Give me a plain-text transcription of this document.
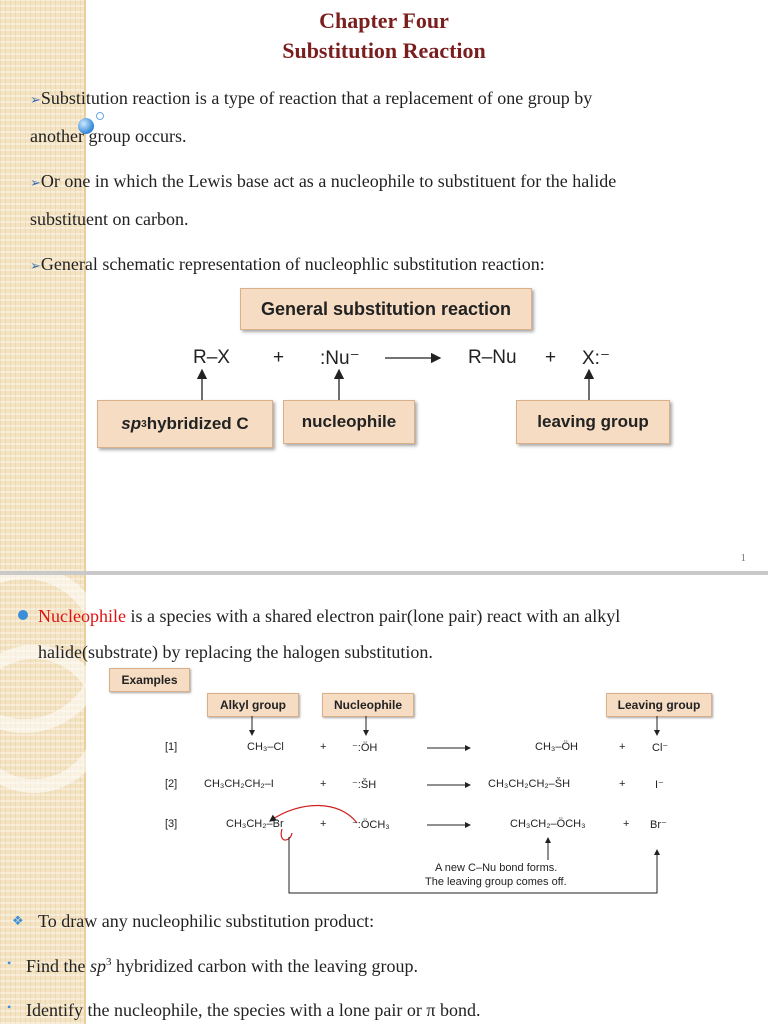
Chapter Four
Substitution Reaction
➢Substitution reaction is a type of reaction that a replacement of one group by
another group occurs.
➢Or one in which the Lewis base act as a nucleophile to substituent for the halide
substituent on carbon.
➢General schematic representation of nucleophlic substitution reaction:
General substitution reaction
R–X + :Nu⁻	R–Nu + X:⁻
sp 3 hybridized C	nucleophile	leaving group
1
Nucleophile is a species with a shared electron pair(lone pair) react with an alkyl
halide(substrate) by replacing the halogen substitution.
Examples
Alkyl group	Nucleophile	Leaving group
[1]	CH₃–Cl	+ ⁻:ÖH	CH₃–ÖH	+ Cl⁻
[2] CH₃CH₂CH₂–I	+ ⁻:ŠH	CH₃CH₂CH₂–ŠH	+	I⁻
[3]	CH₃CH₂–Br	+ ⁻:ÖCH₃	CH₃CH₂–ÖCH₃	+ Br⁻
A new C–Nu bond forms.
The leaving group comes off.
❖ To draw any nucleophilic substitution product:
• Find the $sp^3$ hybridized carbon with the leaving group.
• Identify the nucleophile, the species with a lone pair or π bond.
